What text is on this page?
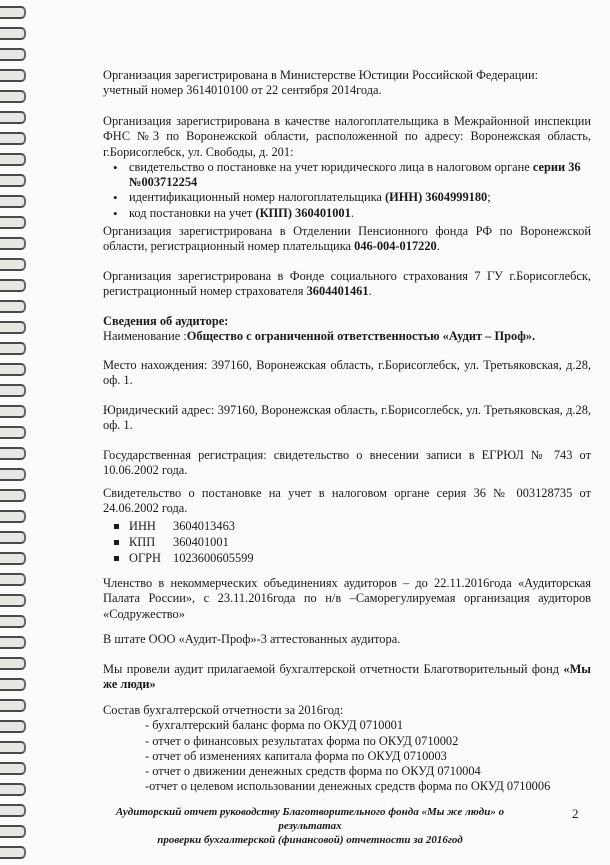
Организация зарегистрирована в Министерстве Юстиции Российской Федерации:

учетный номер 3614010100 от 22 сентября 2014года.

Организация зарегистрирована в качестве налогоплательщика в Межрайонной инспекции ФНС №3 по Воронежской области, расположенной по адресу: Воронежская область, г.Борисоглебск, ул. Свободы, д. 201:

• свидетельство о постановке на учет юридического лица в налоговом органе серии 36 №003712254
• идентификационный номер налогоплательщика (ИНН) 3604999180;
• код постановки на учет (КПП) 360401001.

Организация зарегистрирована в Отделении Пенсионного фонда РФ по Воронежской области, регистрационный номер плательщика 046-004-017220.

Организация зарегистрирована в Фонде социального страхования 7 ГУ г.Борисоглебск, регистрационный номер страхователя 3604401461.

Сведения об аудиторе:

Наименование :Общество с ограниченной ответственностью «Аудит – Проф».

Место нахождения: 397160, Воронежская область, г.Борисоглебск, ул. Третьяковская, д.28, оф. 1.

Юридический адрес: 397160, Воронежская область, г.Борисоглебск, ул. Третьяковская, д.28, оф. 1.

Государственная регистрация: свидетельство о внесении записи в ЕГРЮЛ № 743 от 10.06.2002 года.

Свидетельство о постановке на учет в налоговом органе серия 36 № 003128735 от 24.06.2002 года.

ИНН 3604013463
КПП 360401001
ОГРН 1023600605599

Членство в некоммерческих объединениях аудиторов – до 22.11.2016года «Аудиторская Палата России», с 23.11.2016года по н/в –Саморегулируемая организация аудиторов «Содружество»

В штате ООО «Аудит-Проф»-3 аттестованных аудитора.

Мы провели аудит прилагаемой бухгалтерской отчетности Благотворительный фонд «Мы же люди»

Состав бухгалтерской отчетности за 2016год:

- бухгалтерский баланс форма по ОКУД 0710001
- отчет о финансовых результатах форма по ОКУД 0710002
- отчет об изменениях капитала форма по ОКУД 0710003
- отчет о движении денежных средств форма по ОКУД 0710004
-отчет о целевом использовании денежных средств форма по ОКУД 0710006
Аудиторский отчет руководству Благотворительного фонда «Мы же люди» о результатах
проверки бухгалтерской (финансовой) отчетности за 2016год
2
